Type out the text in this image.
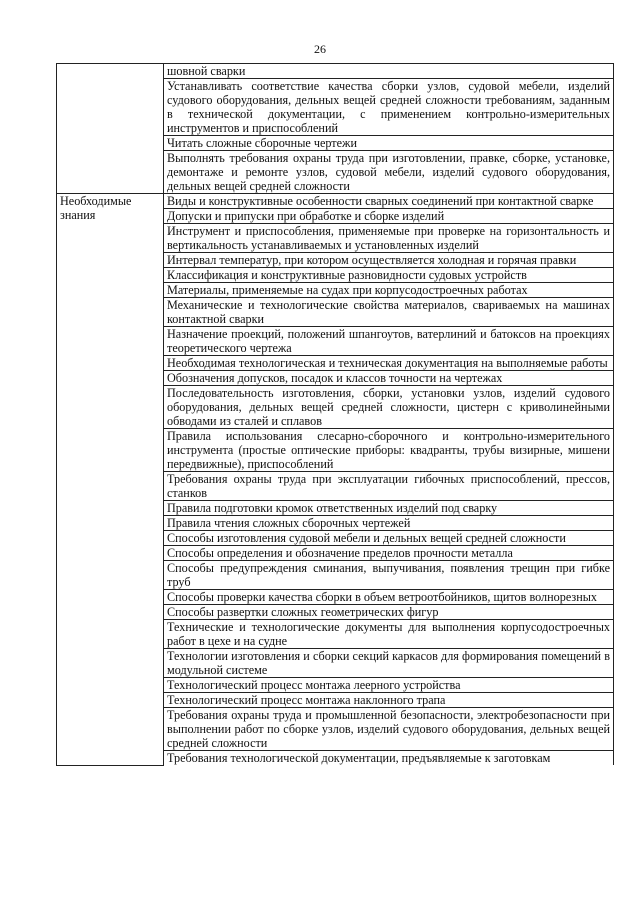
26
	шовной сварки
	Устанавливать соответствие качества сборки узлов, судовой мебели, изделий судового оборудования, дельных вещей средней сложности требованиям, заданным в технической документации, с применением контрольно-измерительных инструментов и приспособлений
	Читать сложные сборочные чертежи
	Выполнять требования охраны труда при изготовлении, правке, сборке, установке, демонтаже и ремонте узлов, судовой мебели, изделий судового оборудования, дельных вещей средней сложности
Необходимые знания	Виды и конструктивные особенности сварных соединений при контактной сварке
	Допуски и припуски при обработке и сборке изделий
	Инструмент и приспособления, применяемые при проверке на горизонтальность и вертикальность устанавливаемых и установленных изделий
	Интервал температур, при котором осуществляется холодная и горячая правки
	Классификация и конструктивные разновидности судовых устройств
	Материалы, применяемые на судах при корпусодостроечных работах
	Механические и технологические свойства материалов, свариваемых на машинах контактной сварки
	Назначение проекций, положений шпангоутов, ватерлиний и батоксов на проекциях теоретического чертежа
	Необходимая технологическая и техническая документация на выполняемые работы
	Обозначения допусков, посадок и классов точности на чертежах
	Последовательность изготовления, сборки, установки узлов, изделий судового оборудования, дельных вещей средней сложности, цистерн с криволинейными обводами из сталей и сплавов
	Правила использования слесарно-сборочного и контрольно-измерительного инструмента (простые оптические приборы: квадранты, трубы визирные, мишени передвижные), приспособлений
	Требования охраны труда при эксплуатации гибочных приспособлений, прессов, станков
	Правила подготовки кромок ответственных изделий под сварку
	Правила чтения сложных сборочных чертежей
	Способы изготовления судовой мебели и дельных вещей средней сложности
	Способы определения и обозначение пределов прочности металла
	Способы предупреждения сминания, выпучивания, появления трещин при гибке труб
	Способы проверки качества сборки в объем ветроотбойников, щитов волнорезных
	Способы развертки сложных геометрических фигур
	Технические и технологические документы для выполнения корпусодостроечных работ в цехе и на судне
	Технологии изготовления и сборки секций каркасов для формирования помещений в модульной системе
	Технологический процесс монтажа леерного устройства
	Технологический процесс монтажа наклонного трапа
	Требования охраны труда и промышленной безопасности, электробезопасности при выполнении работ по сборке узлов, изделий судового оборудования, дельных вещей средней сложности
	Требования технологической документации, предъявляемые к заготовкам
